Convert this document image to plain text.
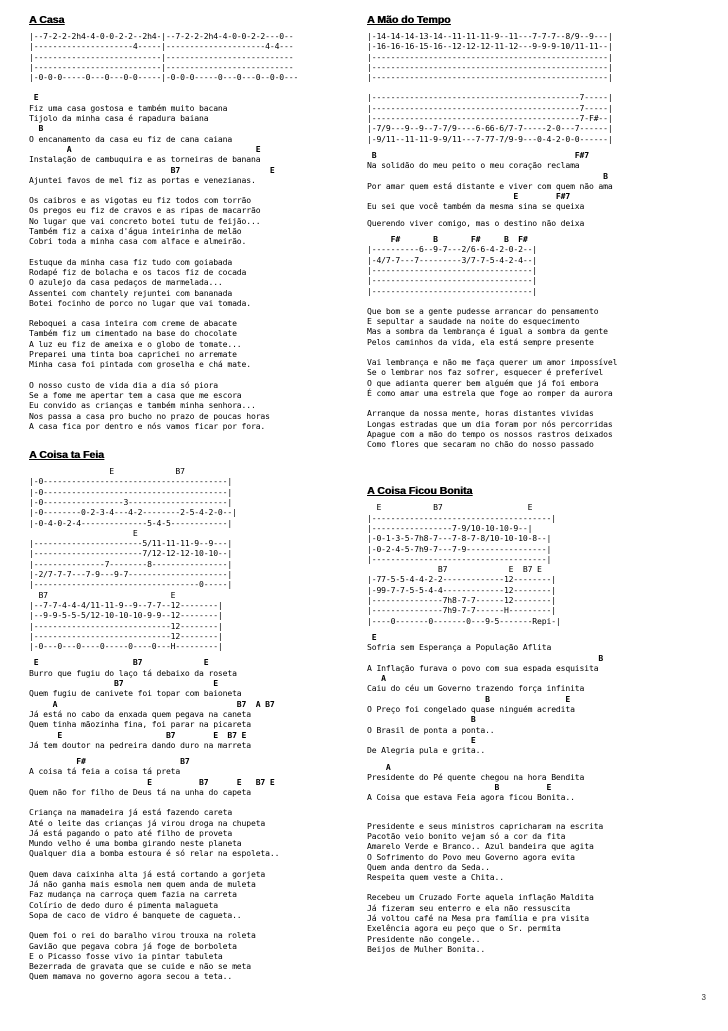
A Casa
|--7-2-2-2h4-4-0-0-2-2--2h4-|--7-2-2-2h4-4-0-0-2-2---0--
|---------------------4-----|---------------------4-4---
|---------------------------|---------------------------
|---------------------------|---------------------------
|-0-0-0-----0---0---0-0-----|-0-0-0-----0---0---0--0-0---
E
Fiz uma casa gostosa e também muito bacana
Tijolo da minha casa é rapadura baiana
B
O encanamento da casa eu fiz de cana caiana
A                                       E
Instalação de cambuquira e as torneiras de banana
B7                   E
Ajuntei favos de mel fiz as portas e venezianas.
Os caibros e as vigotas eu fiz todos com torrão
Os pregos eu fiz de cravos e as ripas de macarrão
No lugar que vai concreto botei tutu de feijão...
Também fiz a caixa d'água inteirinha de melão
Cobri toda a minha casa com alface e almeirão.
Estuque da minha casa fiz tudo com goiabada
Rodapé fiz de bolacha e os tacos fiz de cocada
O azulejo da casa pedaços de marmelada...
Assentei com chantely rejuntei com bananada
Botei focinho de porco no lugar que vai tomada.
Reboquei a casa inteira com creme de abacate
Também fiz um cimentado na base do chocolate
A luz eu fiz de ameixa e o globo de tomate...
Preparei uma tinta boa caprichei no arremate
Minha casa foi pintada com groselha e chá mate.
O nosso custo de vida dia a dia só piora
Se a fome me apertar tem a casa que me escora
Eu convido as crianças e também minha senhora...
Nos passa a casa pro bucho no prazo de poucas horas
A casa fica por dentro e nós vamos ficar por fora.
A Coisa ta Feia
E             B7
|-0---------------------------------------|
|-0---------------------------------------|
|-0-----------------3---------------------|
|-0--------0-2-3-4---4-2--------2-5-4-2-0--|
|-0-4-0-2-4--------------5-4-5------------|
E
|-----------------------5/11-11-11-9--9---|
|-----------------------7/12-12-12-10-10--|
|---------------7--------8----------------|
|-2/7-7-7---7-9---9-7---------------------|
|-----------------------------------0-----|
B7                          E
|--7-7-4-4-4/11-11-9--9--7-7--12--------|
|--9-9-5-5-5/12-10-10-10-9-9--12--------|
|-----------------------------12--------|
|-----------------------------12--------|
|-0---0---0----0-----0----0---H---------|
E                    B7             E
Burro que fugiu do laço tá debaixo da roseta
B7                   E
Quem fugiu de canivete foi topar com baioneta
A                                      B7  A B7
Já está no cabo da enxada quem pegava na caneta
Quem tinha mãozinha fina, foi parar na picareta
E                      B7        E  B7 E
Já tem doutor na pedreira dando duro na marreta
F#                    B7
A coisa tá feia a coisa tá preta
E          B7      E   B7 E
Quem não for filho de Deus tá na unha do capeta
Criança na mamadeira já está fazendo careta
Até o leite das crianças já virou droga na chupeta
Já está pagando o pato até filho de proveta
Mundo velho é uma bomba girando neste planeta
Qualquer dia a bomba estoura é só relar na espoleta..
Quem dava caixinha alta já está cortando a gorjeta
Já não ganha mais esmola nem quem anda de muleta
Faz mudança na carroça quem fazia na carreta
Colírio de dedo duro é pimenta malagueta
Sopa de caco de vidro é banquete de cagueta..
Quem foi o rei do baralho virou trouxa na roleta
Gavião que pegava cobra já foge de borboleta
E o Picasso fosse vivo ia pintar tabuleta
Bezerrada de gravata que se cuide e não se meta
Quem mamava no governo agora secou a teta..
A Mão do Tempo
|-14-14-14-13-14--11-11-11-9--11---7-7-7--8/9--9---|
|-16-16-16-15-16--12-12-12-11-12---9-9-9-10/11-11--|
|--------------------------------------------------|
|--------------------------------------------------|
|--------------------------------------------------|
|--------------------------------------------7-----|
|--------------------------------------------7-----|
|--------------------------------------------7-F#--|
|-7/9---9--9--7-7/9----6-66-6/7-7-----2-0---7------|
|-9/11--11-11-9-9/11---7-77-7/9-9---0-4-2-0-0------|
B                                          F#7
Na solidão do meu peito o meu coração reclama
B
Por amar quem está distante e viver com quem não ama
E        F#7
Eu sei que você também da mesma sina se queixa
Querendo viver comigo, mas o destino não deixa
F#       B       F#     B  F#
|----------6--9-7---2/6-6-4-2-0-2--|
|-4/7-7---7---------3/7-7-5-4-2-4--|
|----------------------------------|
|----------------------------------|
|----------------------------------|
Que bom se a gente pudesse arrancar do pensamento
E sepultar a saudade na noite do esquecimento
Mas a sombra da lembrança é igual a sombra da gente
Pelos caminhos da vida, ela está sempre presente
Vai lembrança e não me faça querer um amor impossível
Se o lembrar nos faz sofrer, esquecer é preferível
O que adianta querer bem alguém que já foi embora
É como amar uma estrela que foge ao romper da aurora
Arranque da nossa mente, horas distantes vividas
Longas estradas que um dia foram por nós percorridas
Apague com a mão do tempo os nossos rastros deixados
Como flores que secaram no chão do nosso passado
A Coisa Ficou Bonita
E           B7                  E
|--------------------------------------|
|-----------------7-9/10-10-10-9--|
|-0-1-3-5-7h8-7---7-8-7-8/10-10-10-8--|
|-0-2-4-5-7h9-7---7-9-----------------|
|-------------------------------------|
B7             E  B7 E
|-77-5-5-4-4-2-2-------------12--------|
|-99-7-7-5-5-4-4-------------12--------|
|---------------7h8-7-7------12--------|
|---------------7h9-7-7------H---------|
|----0-------0-------0---9-5-------Repi-|
E
Sofria sem Esperança a População Aflita
B
A Inflação furava o povo com sua espada esquisita
A
Caiu do céu um Governo trazendo força infinita
B                E
O Preço foi congelado quase ninguém acredita
B
O Brasil de ponta a ponta..
E
De Alegria pula e grita..
A
Presidente do Pé quente chegou na hora Bendita
B          E
A Coisa que estava Feia agora ficou Bonita..
Presidente e seus ministros capricharam na escrita
Pacotão veio bonito vejam só a cor da fita
Amarelo Verde e Branco.. Azul bandeira que agita
O Sofrimento do Povo meu Governo agora evita
Quem anda dentro da Seda..
Respeita quem veste a Chita..
Recebeu um Cruzado Forte aquela inflação Maldita
Já fizeram seu enterro e ela não ressuscita
Já voltou café na Mesa pra família e pra visita
Exelência agora eu peço que o Sr. permita
Presidente não congele..
Beijos de Mulher Bonita..
3
